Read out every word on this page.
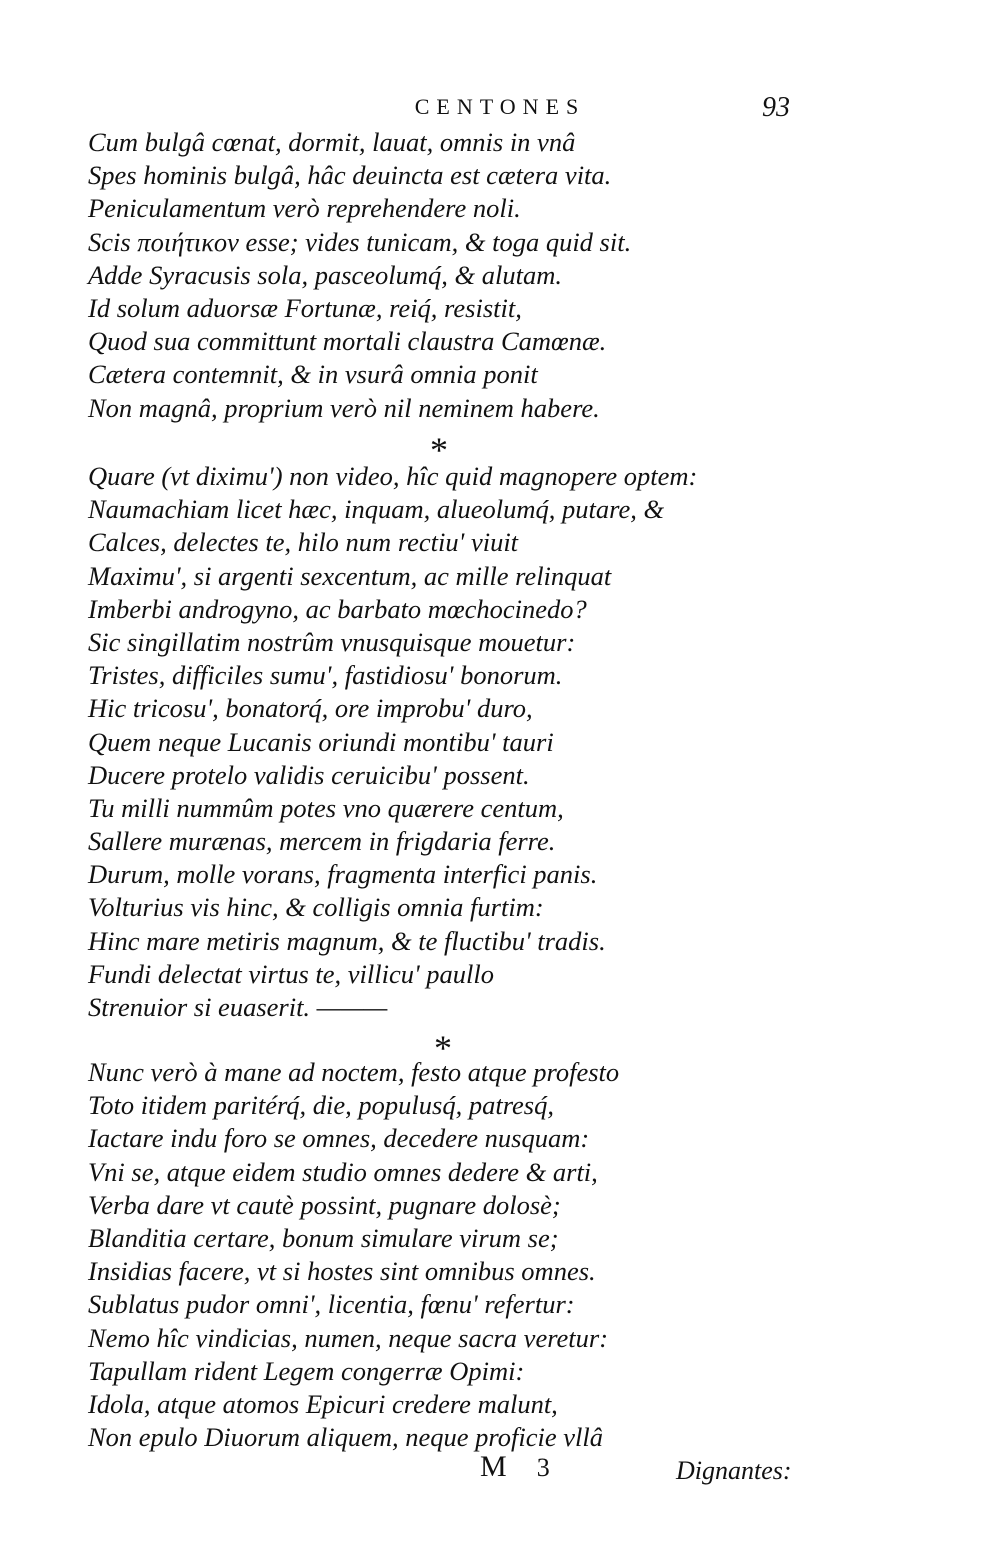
CENTONES	93
Cum bulgâ cœnat, dormit, lauat, omnis in vnâ
Spes hominis bulgâ, hâc deuincta est cætera vita.
Peniculamentum verò reprehendere noli.
Scis ποιήτικον esse; vides tunicam, & toga quid sit.
Adde Syracusis sola, pasceolumq́, & alutam.
Id solum aduorsæ Fortunæ, reiq́, resistit,
Quod sua committunt mortali claustra Camœnæ.
Cætera contemnit, & in vsurâ omnia ponit
Non magnâ, proprium verò nil neminem habere.
*
Quare (vt diximu') non video, hîc quid magnopere optem:
Naumachiam licet hæc, inquam, alueolumq́, putare, &
Calces, delectes te, hilo num rectiu' viuit
Maximu', si argenti sexcentum, ac mille relinquat
Imberbi androgyno, ac barbato mœchocinedo?
Sic singillatim nostrûm vnusquisque mouetur:
Tristes, difficiles sumu', fastidiosu' bonorum.
Hic tricosu', bonatorq́, ore improbu' duro,
Quem neque Lucanis oriundi montibu' tauri
Ducere protelo validis ceruicibu' possent.
Tu milli nummûm potes vno quærere centum,
Sallere murænas, mercem in frigdaria ferre.
Durum, molle vorans, fragmenta interfici panis.
Volturius vis hinc, & colligis omnia furtim:
Hinc mare metiris magnum, & te fluctibu' tradis.
Fundi delectat virtus te, villicu' paullo
Strenuior si euaserit. ———
*
Nunc verò à mane ad noctem, festo atque profesto
Toto itidem paritérq́, die, populusq́, patresq́,
Iactare indu foro se omnes, decedere nusquam:
Vni se, atque eidem studio omnes dedere & arti,
Verba dare vt cautè possint, pugnare dolosè;
Blanditia certare, bonum simulare virum se;
Insidias facere, vt si hostes sint omnibus omnes.
Sublatus pudor omni', licentia, fœnu' refertur:
Nemo hîc vindicias, numen, neque sacra veretur:
Tapullam rident Legem congerræ Opimi:
Idola, atque atomos Epicuri credere malunt,
Non epulo Diuorum aliquem, neque proficie vllâ
M 3	Dignantes:
